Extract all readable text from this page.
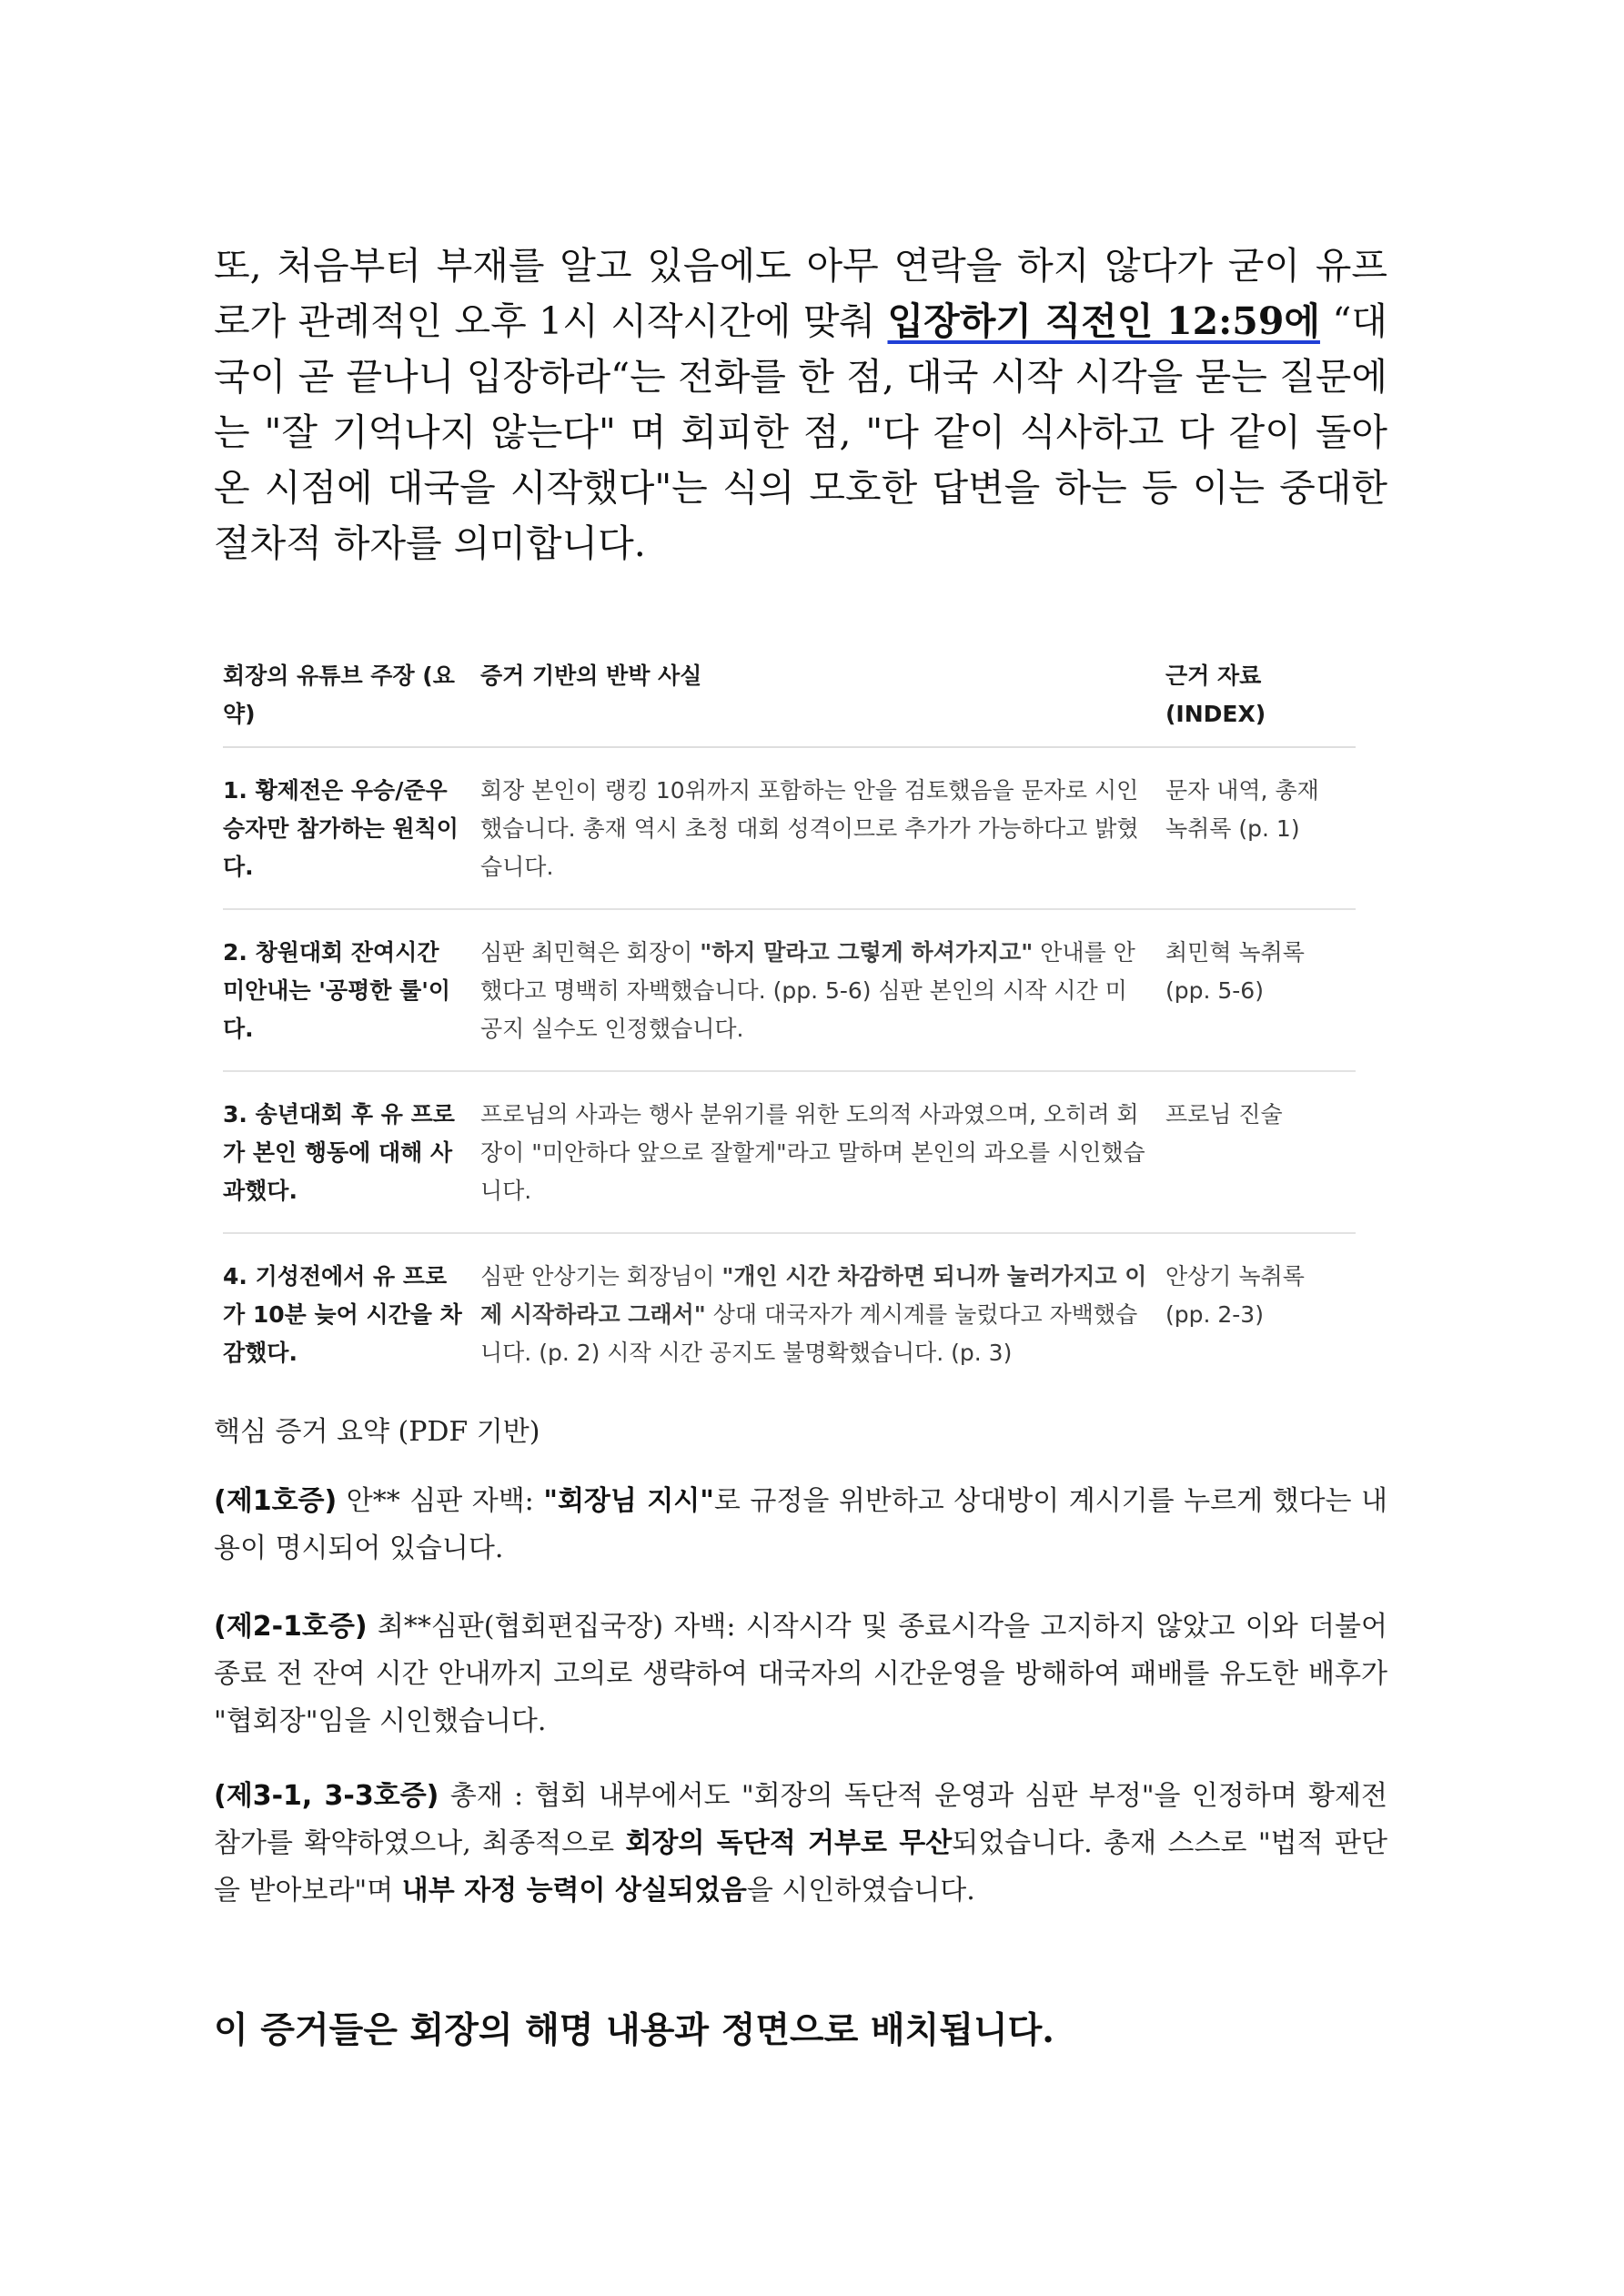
또, 처음부터 부재를 알고 있음에도 아무 연락을 하지 않다가 굳이 유프로가 관례적인 오후 1시 시작시간에 맞춰 입장하기 직전인 12:59에 “대국이 곧 끝나니 입장하라“는 전화를 한 점, 대국 시작 시각을 묻는 질문에는 "잘 기억나지 않는다" 며 회피한 점, "다 같이 식사하고 다 같이 돌아온 시점에 대국을 시작했다"는 식의 모호한 답변을 하는 등 이는 중대한 절차적 하자를 의미합니다.

회장의 유튜브 주장 (요약)	증거 기반의 반박 사실	근거 자료 (INDEX)
1. 황제전은 우승/준우승자만 참가하는 원칙이다.	회장 본인이 랭킹 10위까지 포함하는 안을 검토했음을 문자로 시인했습니다. 총재 역시 초청 대회 성격이므로 추가가 가능하다고 밝혔습니다.	문자 내역, 총재 녹취록 (p. 1)
2. 창원대회 잔여시간 미안내는 '공평한 룰'이다.	심판 최민혁은 회장이 "하지 말라고 그렇게 하셔가지고" 안내를 안 했다고 명백히 자백했습니다. (pp. 5-6) 심판 본인의 시작 시간 미공지 실수도 인정했습니다.	최민혁 녹취록 (pp. 5-6)
3. 송년대회 후 유 프로가 본인 행동에 대해 사과했다.	프로님의 사과는 행사 분위기를 위한 도의적 사과였으며, 오히려 회장이 "미안하다 앞으로 잘할게"라고 말하며 본인의 과오를 시인했습니다.	프로님 진술
4. 기성전에서 유 프로가 10분 늦어 시간을 차감했다.	심판 안상기는 회장님이 "개인 시간 차감하면 되니까 눌러가지고 이제 시작하라고 그래서" 상대 대국자가 계시계를 눌렀다고 자백했습니다. (p. 2) 시작 시간 공지도 불명확했습니다. (p. 3)	안상기 녹취록 (pp. 2-3)

핵심 증거 요약 (PDF 기반)

(제1호증) 안** 심판 자백: "회장님 지시"로 규정을 위반하고 상대방이 계시기를 누르게 했다는 내용이 명시되어 있습니다.

(제2-1호증) 최**심판(협회편집국장) 자백: 시작시각 및 종료시각을 고지하지 않았고 이와 더불어 종료 전 잔여 시간 안내까지 고의로 생략하여 대국자의 시간운영을 방해하여 패배를 유도한 배후가 "협회장"임을 시인했습니다.

(제3-1, 3-3호증) 총재 : 협회 내부에서도 "회장의 독단적 운영과 심판 부정"을 인정하며 황제전 참가를 확약하였으나, 최종적으로 회장의 독단적 거부로 무산되었습니다. 총재 스스로 "법적 판단을 받아보라"며 내부 자정 능력이 상실되었음을 시인하였습니다.

이 증거들은 회장의 해명 내용과 정면으로 배치됩니다.
